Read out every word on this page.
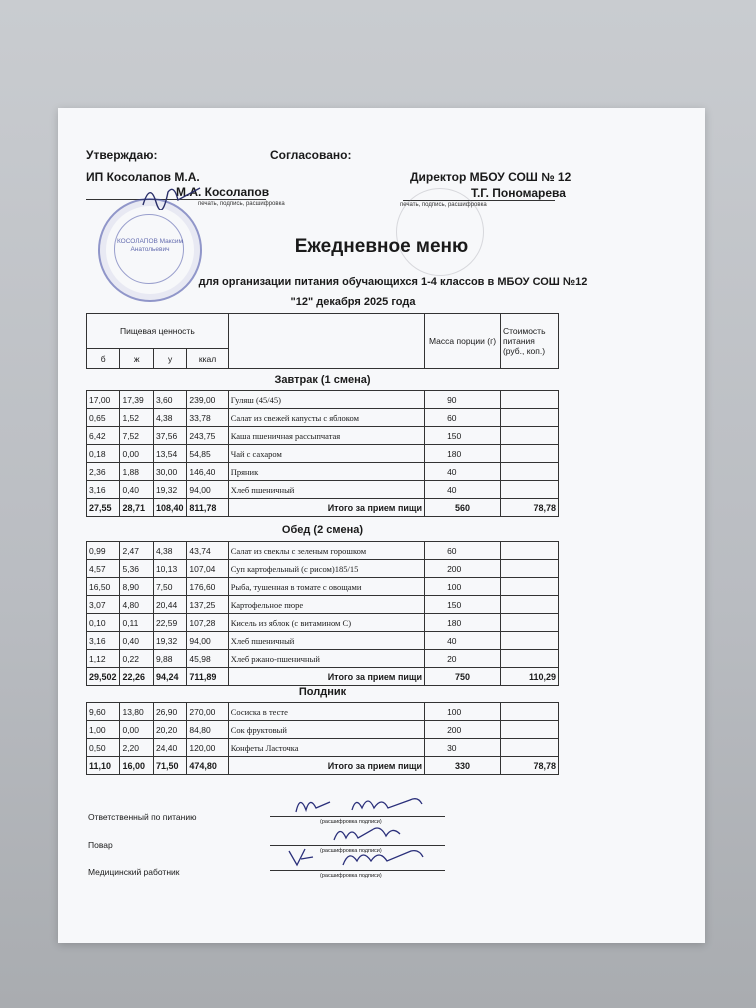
Утверждаю:	Согласовано:
ИП Косолапов М.А.
М.А. Косолапов
печать, подпись, расшифровка
Директор МБОУ СОШ № 12
Т.Г. Пономарева
печать, подпись, расшифровка
КОСОЛАПОВ Максим Анатольевич	Ежедневное меню
для организации питания обучающихся 1-4 классов в МБОУ СОШ №12
"12" декабря 2025 года
Пищевая ценность					Масса порции (г)	Стоимость питания (руб., коп.)
б	ж	у	ккал			
Завтрак (1 смена)
17,00	17,39	3,60	239,00	Гуляш (45/45)	90	
0,65	1,52	4,38	33,78	Салат из свежей капусты с яблоком	60	
6,42	7,52	37,56	243,75	Каша пшеничная рассыпчатая	150	
0,18	0,00	13,54	54,85	Чай с сахаром	180	
2,36	1,88	30,00	146,40	Пряник	40	
3,16	0,40	19,32	94,00	Хлеб пшеничный	40	
27,55	28,71	108,40	811,78	Итого за прием пищи	560	78,78
Обед (2 смена)
0,99	2,47	4,38	43,74	Салат из свеклы с зеленым горошком	60	
4,57	5,36	10,13	107,04	Суп картофельный (с рисом)185/15	200	
16,50	8,90	7,50	176,60	Рыба, тушенная в томате с овощами	100	
3,07	4,80	20,44	137,25	Картофельное пюре	150	
0,10	0,11	22,59	107,28	Кисель из яблок (с витамином С)	180	
3,16	0,40	19,32	94,00	Хлеб пшеничный	40	
1,12	0,22	9,88	45,98	Хлеб ржано-пшеничный	20	
29,502	22,26	94,24	711,89	Итого за прием пищи	750	110,29
Полдник
9,60	13,80	26,90	270,00	Сосиска в тесте	100	
1,00	0,00	20,20	84,80	Сок фруктовый	200	
0,50	2,20	24,40	120,00	Конфеты Ласточка	30	
11,10	16,00	71,50	474,80	Итого за прием пищи	330	78,78
Ответственный по питанию	(расшифровка подписи)
Повар
(расшифровка подписи)
Медицинский работник	(расшифровка подписи)
